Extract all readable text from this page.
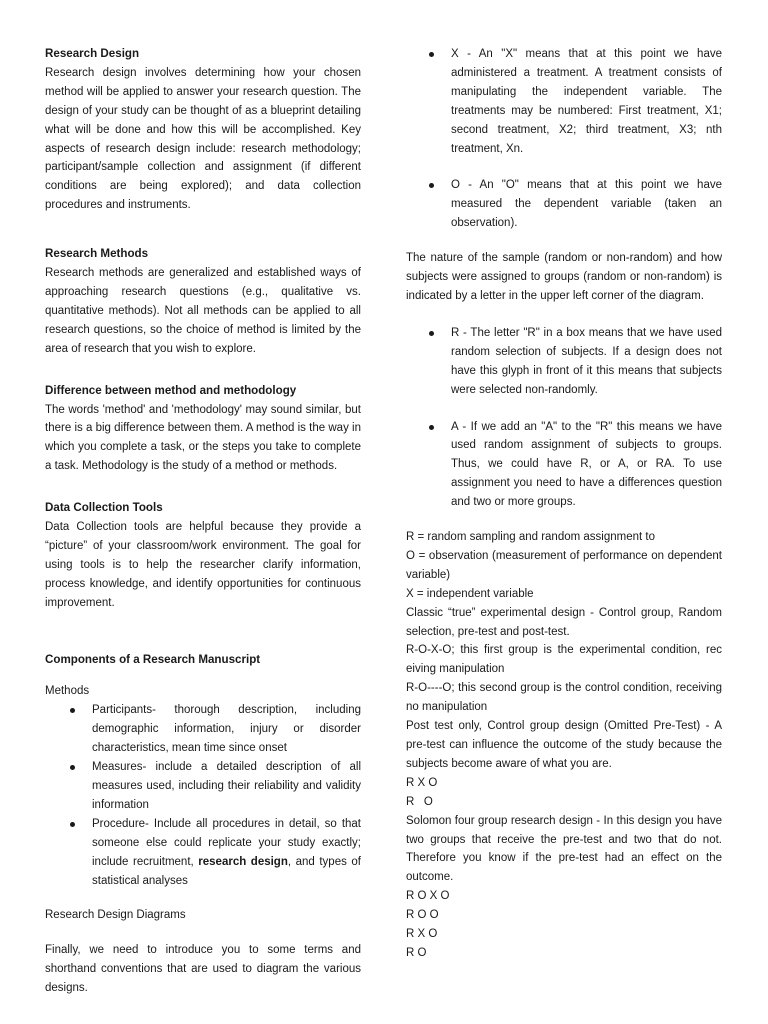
Research Design

Research design involves determining how your chosen method will be applied to answer your research question. The design of your study can be thought of as a blueprint detailing what will be done and how this will be accomplished. Key aspects of research design include: research methodology; participant/sample collection and assignment (if different conditions are being explored); and data collection procedures and instruments.

Research Methods

Research methods are generalized and established ways of approaching research questions (e.g., qualitative vs. quantitative methods). Not all methods can be applied to all research questions, so the choice of method is limited by the area of research that you wish to explore.

Difference between method and methodology

The words 'method' and 'methodology' may sound similar, but there is a big difference between them. A method is the way in which you complete a task, or the steps you take to complete a task. Methodology is the study of a method or methods.

Data Collection Tools

Data Collection tools are helpful because they provide a “picture” of your classroom/work environment. The goal for using tools is to help the researcher clarify information, process knowledge, and identify opportunities for continuous improvement.

Components of a Research Manuscript
Methods
Participants- thorough description, including demographic information, injury or disorder characteristics, mean time since onset
Measures- include a detailed description of all measures used, including their reliability and validity information
Procedure- Include all procedures in detail, so that someone else could replicate your study exactly; include recruitment, research design, and types of statistical analyses
Research Design Diagrams

Finally, we need to introduce you to some terms and shorthand conventions that are used to diagram the various designs.

X - An "X" means that at this point we have administered a treatment. A treatment consists of manipulating the independent variable. The treatments may be numbered: First treatment, X1; second treatment, X2; third treatment, X3; nth treatment, Xn.
O - An "O" means that at this point we have measured the dependent variable (taken an observation).

The nature of the sample (random or non-random) and how subjects were assigned to groups (random or non-random) is indicated by a letter in the upper left corner of the diagram.

R - The letter "R" in a box means that we have used random selection of subjects. If a design does not have this glyph in front of it this means that subjects were selected non-randomly.
A - If we add an "A" to the "R" this means we have used random assignment of subjects to groups. Thus, we could have R, or A, or RA. To use assignment you need to have a differences question and two or more groups.
R = random sampling and random assignment to
O = observation (measurement of performance on dependent variable)
X = independent variable
Classic “true” experimental design - Control group, Random selection, pre-test and post-test.
R-O-X-O; this first group is the experimental condition, rec eiving manipulation
R-O----O; this second group is the control condition, receiving no manipulation
Post test only, Control group design (Omitted Pre-Test) - A pre-test can influence the outcome of the study because the subjects become aware of what you are.
R X O
R   O
Solomon four group research design - In this design you have two groups that receive the pre-test and two that do not. Therefore you know if the pre-test had an effect on the outcome.
R O X O
R O O
R X O
R O
